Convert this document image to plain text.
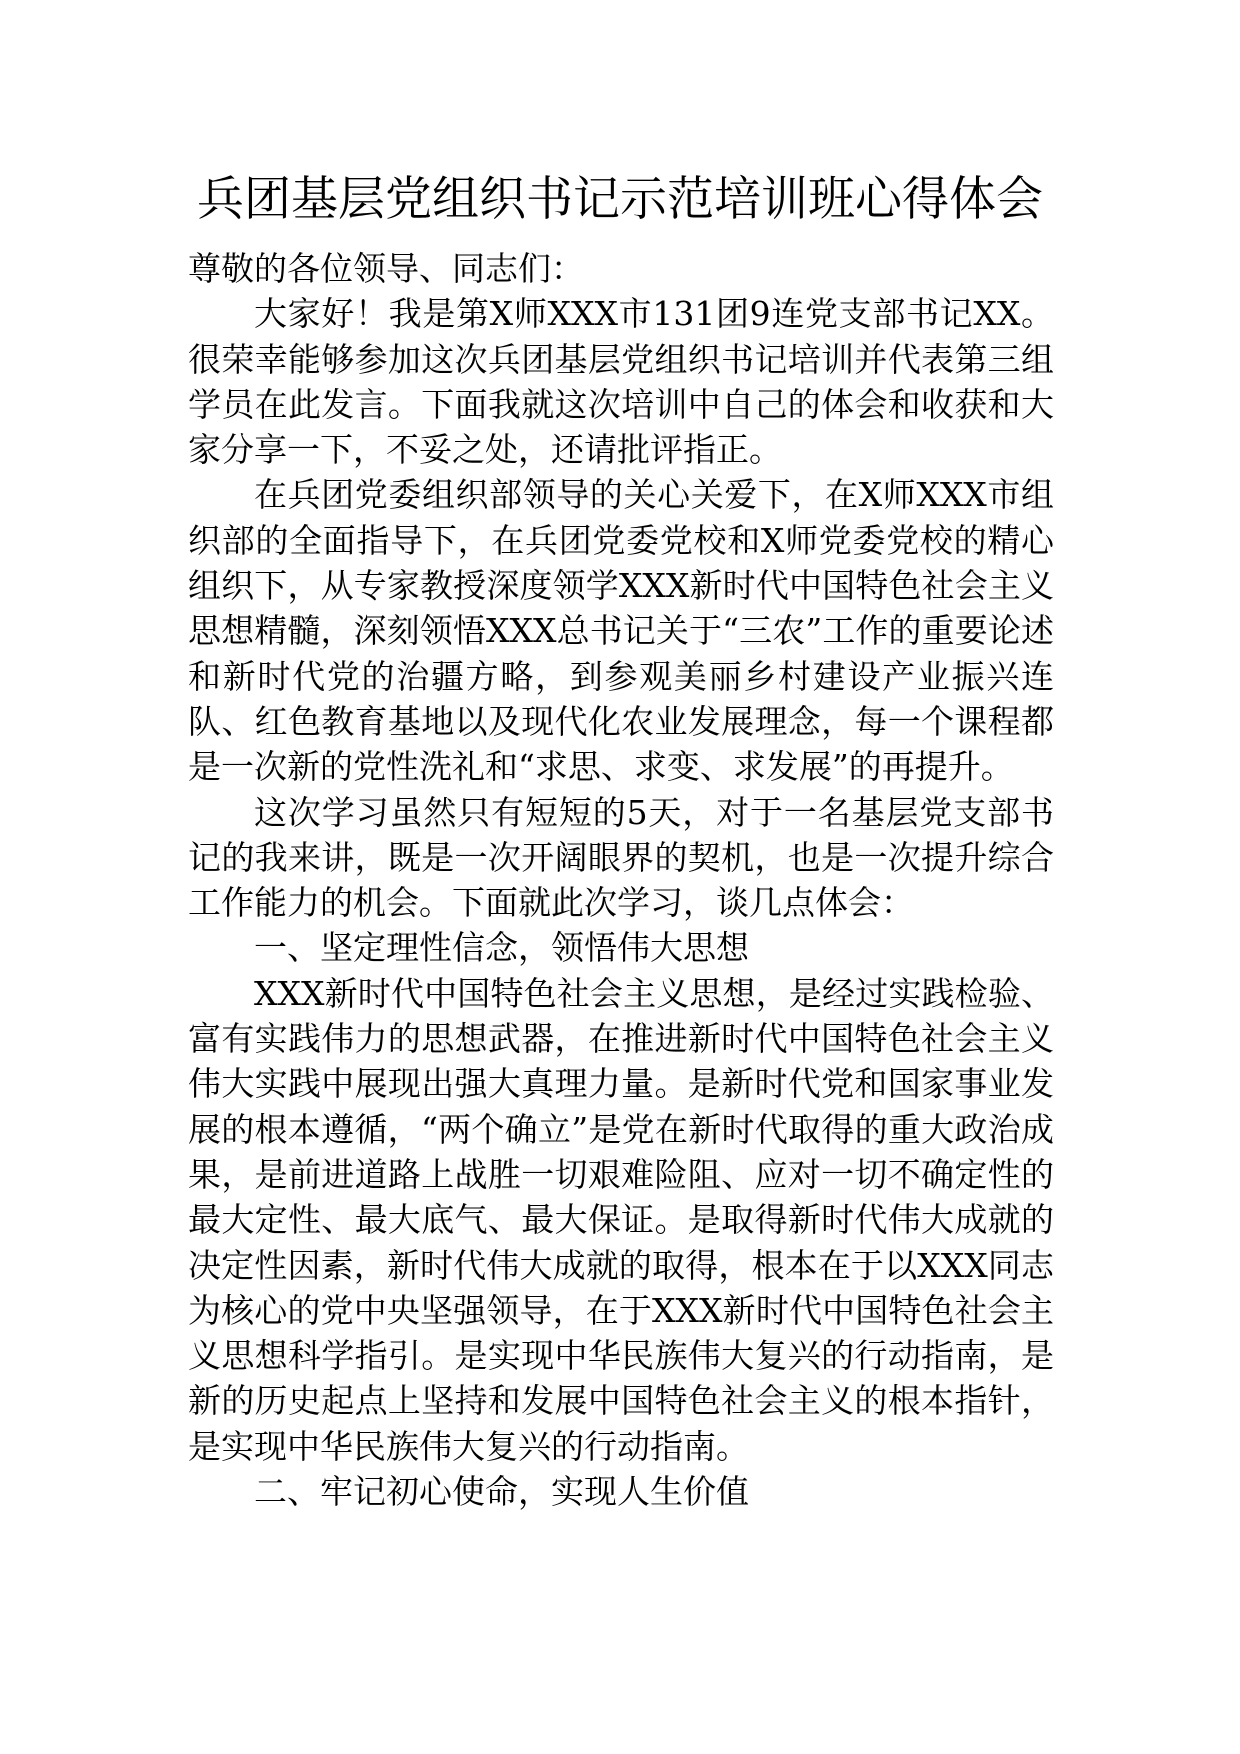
兵团基层党组织书记示范培训班心得体会

尊敬的各位领导、同志们：

大家好！我是第X师XXX市131团9连党支部书记XX。很荣幸能够参加这次兵团基层党组织书记培训并代表第三组学员在此发言。下面我就这次培训中自己的体会和收获和大家分享一下，不妥之处，还请批评指正。

在兵团党委组织部领导的关心关爱下，在X师XXX市组织部的全面指导下，在兵团党委党校和X师党委党校的精心组织下，从专家教授深度领学XXX新时代中国特色社会主义思想精髓，深刻领悟XXX总书记关于“三农”工作的重要论述和新时代党的治疆方略，到参观美丽乡村建设产业振兴连队、红色教育基地以及现代化农业发展理念，每一个课程都是一次新的党性洗礼和“求思、求变、求发展”的再提升。

这次学习虽然只有短短的5天，对于一名基层党支部书记的我来讲，既是一次开阔眼界的契机，也是一次提升综合工作能力的机会。下面就此次学习，谈几点体会：

一、坚定理性信念，领悟伟大思想

XXX新时代中国特色社会主义思想，是经过实践检验、富有实践伟力的思想武器，在推进新时代中国特色社会主义伟大实践中展现出强大真理力量。是新时代党和国家事业发展的根本遵循，“两个确立”是党在新时代取得的重大政治成果，是前进道路上战胜一切艰难险阻、应对一切不确定性的最大定性、最大底气、最大保证。是取得新时代伟大成就的决定性因素，新时代伟大成就的取得，根本在于以XXX同志为核心的党中央坚强领导，在于XXX新时代中国特色社会主义思想科学指引。是实现中华民族伟大复兴的行动指南，是新的历史起点上坚持和发展中国特色社会主义的根本指针，是实现中华民族伟大复兴的行动指南。

二、牢记初心使命，实现人生价值
